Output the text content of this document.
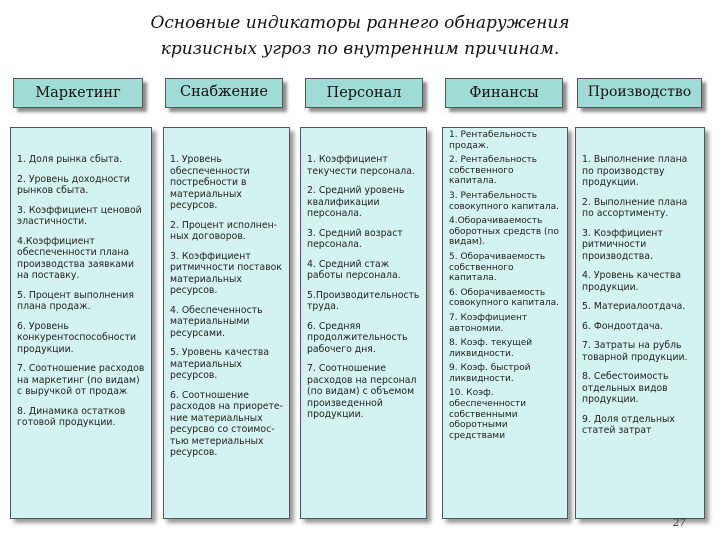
Основные индикаторы раннего обнаружения
кризисных угроз по внутренним причинам.
Маркетинг	Снабжение	Персонал	Финансы	Производство
1. Доля рынка сбыта.
2. Уровень доходности рынков сбыта.
3. Коэффициент ценовой эластичности.
4.Коэффициент обеспеченности плана производства заявками на поставку.
5. Процент выполнения плана продаж.
6. Уровень конкурентоспособности продукции.
7. Соотношение расходов на маркетинг (по видам) с выручкой от продаж
8. Динамика остатков готовой продукции.
1. Уровень обеспеченности постребности в материальных ресурсов.
2. Процент исполнен-ных договоров.
3. Коэффициент ритмичности поставок материальных ресурсов.
4. Обеспеченность материальными ресурсами.
5. Уровень качества материальных ресурсов.
6. Соотношение расходов на приорете-ние материальных ресурсво со стоимос-тью метериальных ресурсов.
1. Коэффициент текучести персонала.
2. Средний уровень квалификации персонала.
3. Средний возраст персонала.
4. Средний стаж работы персонала.
5.Производительность труда.
6. Средняя продолжительность рабочего дня.
7. Соотношение расходов на персонал (по видам) с объемом произведенной продукции.
1. Рентабельность продаж.
2. Рентабельность собственного капитала.
3. Рентабельность совокупного капитала.
4.Оборачиваемость оборотных средств (по видам).
5. Оборачиваемость собственного капитала.
6. Оборачиваемость совокупного капитала.
7. Коэффициент автономии.
8. Коэф. текущей ликвидности.
9. Коэф. быстрой ликвидности.
10. Коэф. обеспеченности собственными оборотными средствами
1. Выполнение плана по производству продукции.
2. Выполнение плана по ассортименту.
3. Коэффициент ритмичности производства.
4. Уровень качества продукции.
5. Материалоотдача.
6. Фондоотдача.
7. Затраты на рубль товарной продукции.
8. Себестоимость отдельных видов продукции.
9. Доля отдельных статей затрат
27
